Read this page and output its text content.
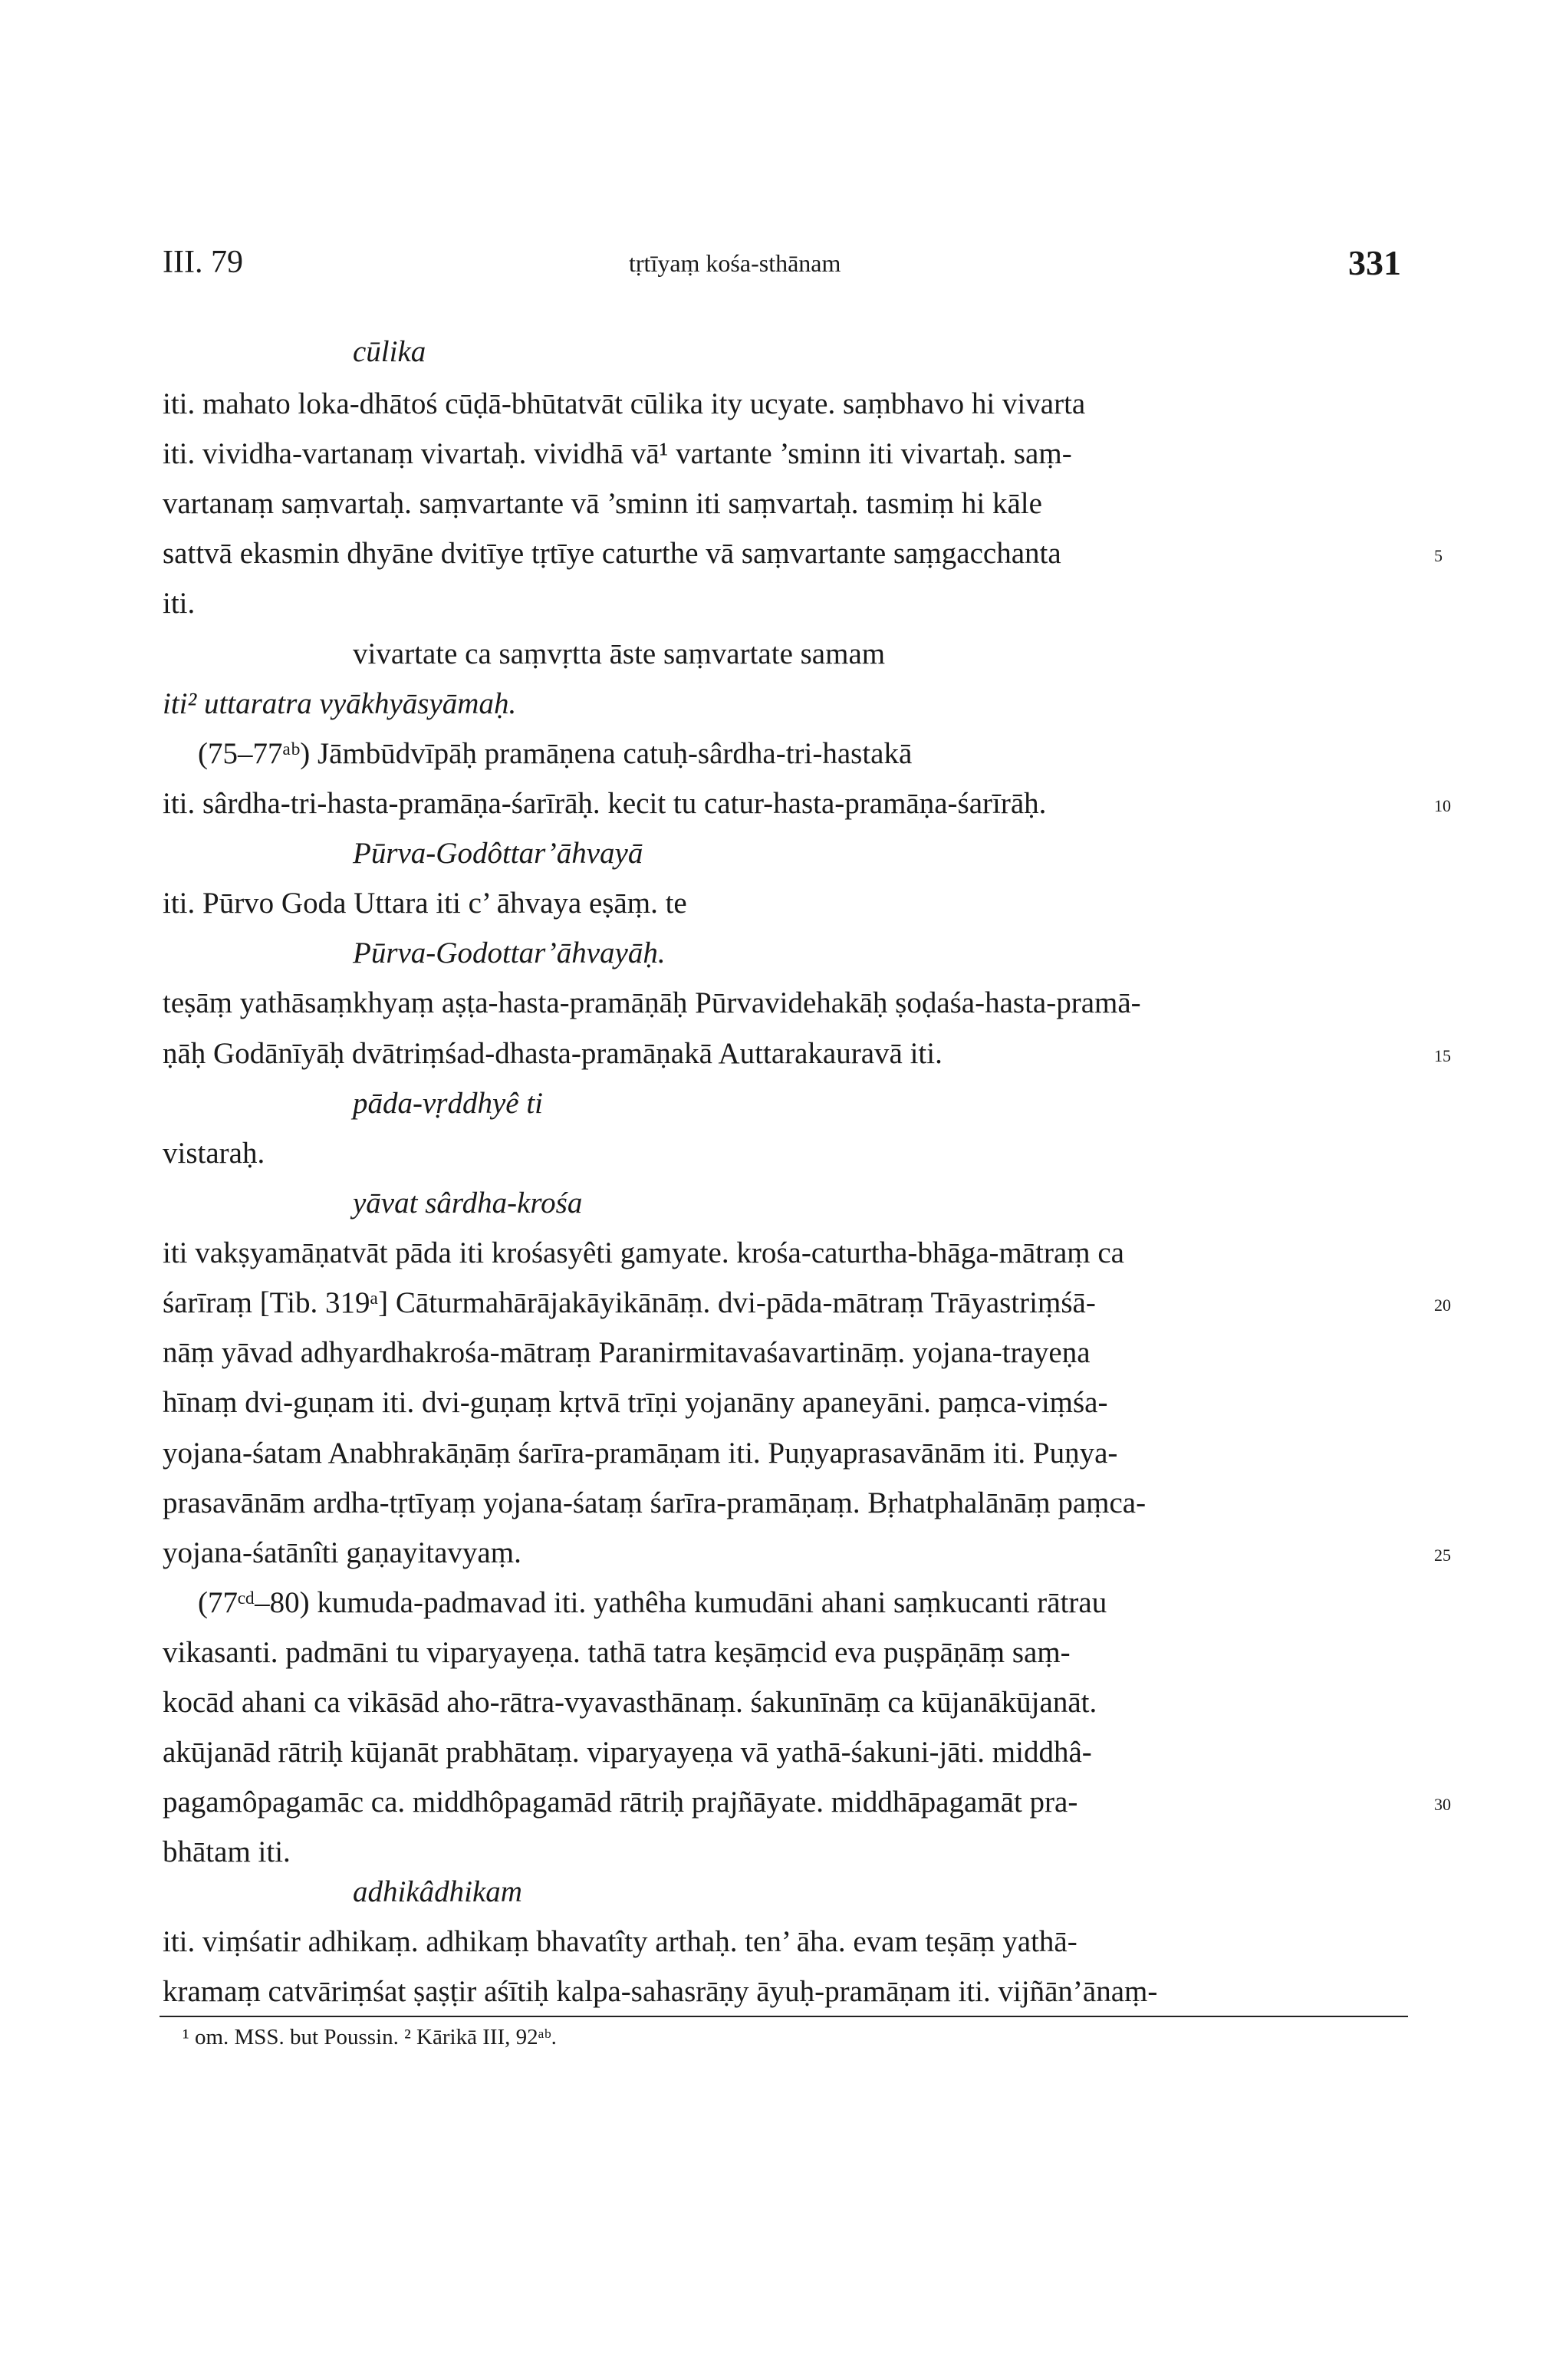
III. 79	tṛtīyaṃ kośa-sthānam	331
cūlika
iti. mahato loka-dhātoś cūḍā-bhūtatvāt cūlika ity ucyate. saṃbhavo hi vivarta
iti. vividha-vartanaṃ vivartaḥ. vividhā vā¹ vartante ’sminn iti vivartaḥ. saṃ-
vartanaṃ saṃvartaḥ. saṃvartante vā ’sminn iti saṃvartaḥ. tasmiṃ hi kāle
sattvā ekasmin dhyāne dvitīye tṛtīye caturthe vā saṃvartante saṃgacchanta
iti.
vivartate ca saṃvṛtta āste saṃvartate samam
iti² uttaratra vyākhyāsyāmaḥ.
(75–77ᵃᵇ) Jāmbūdvīpāḥ pramāṇena catuḥ-sârdha-tri-hastakā
iti. sârdha-tri-hasta-pramāṇa-śarīrāḥ. kecit tu catur-hasta-pramāṇa-śarīrāḥ.
Pūrva-Godôttar’āhvayā
iti. Pūrvo Goda Uttara iti c’ āhvaya eṣāṃ. te
Pūrva-Godottar’āhvayāḥ.
teṣāṃ yathāsaṃkhyaṃ aṣṭa-hasta-pramāṇāḥ Pūrvavidehakāḥ ṣoḍaśa-hasta-pramā-
ṇāḥ Godānīyāḥ dvātriṃśad-dhasta-pramāṇakā Auttarakauravā iti.
pāda-vṛddhyê ti
vistaraḥ.
yāvat sârdha-krośa
iti vakṣyamāṇatvāt pāda iti krośasyêti gamyate. krośa-caturtha-bhāga-mātraṃ ca
śarīraṃ [Tib. 319ᵃ] Cāturmahārājakāyikānāṃ. dvi-pāda-mātraṃ Trāyastriṃśā-
nāṃ yāvad adhyardhakrośa-mātraṃ Paranirmitavaśavartināṃ. yojana-trayeṇa
hīnaṃ dvi-guṇam iti. dvi-guṇaṃ kṛtvā trīṇi yojanāny apaneyāni. paṃca-viṃśa-
yojana-śatam Anabhrakāṇāṃ śarīra-pramāṇam iti. Puṇyaprasavānām iti. Puṇya-
prasavānām ardha-tṛtīyaṃ yojana-śataṃ śarīra-pramāṇaṃ. Bṛhatphalānāṃ paṃca-
yojana-śatānîti gaṇayitavyaṃ.
(77ᶜᵈ–80) kumuda-padmavad iti. yathêha kumudāni ahani saṃkucanti rātrau
vikasanti. padmāni tu viparyayeṇa. tathā tatra keṣāṃcid eva puṣpāṇāṃ saṃ-
kocād ahani ca vikāsād aho-rātra-vyavasthānaṃ. śakunīnāṃ ca kūjanākūjanāt.
akūjanād rātriḥ kūjanāt prabhātaṃ. viparyayeṇa vā yathā-śakuni-jāti. middhâ-
pagamôpagamāc ca. middhôpagamād rātriḥ prajñāyate. middhāpagamāt pra-
bhātam iti.
adhikâdhikam
iti. viṃśatir adhikaṃ. adhikaṃ bhavatîty arthaḥ. ten’ āha. evam teṣāṃ yathā-
kramaṃ catvāriṃśat ṣaṣṭir aśītiḥ kalpa-sahasrāṇy āyuḥ-pramāṇam iti. vijñān’ānaṃ-
¹ om. MSS. but Poussin. ² Kārikā III, 92ᵃᵇ.
5
10
15
20
25
30
